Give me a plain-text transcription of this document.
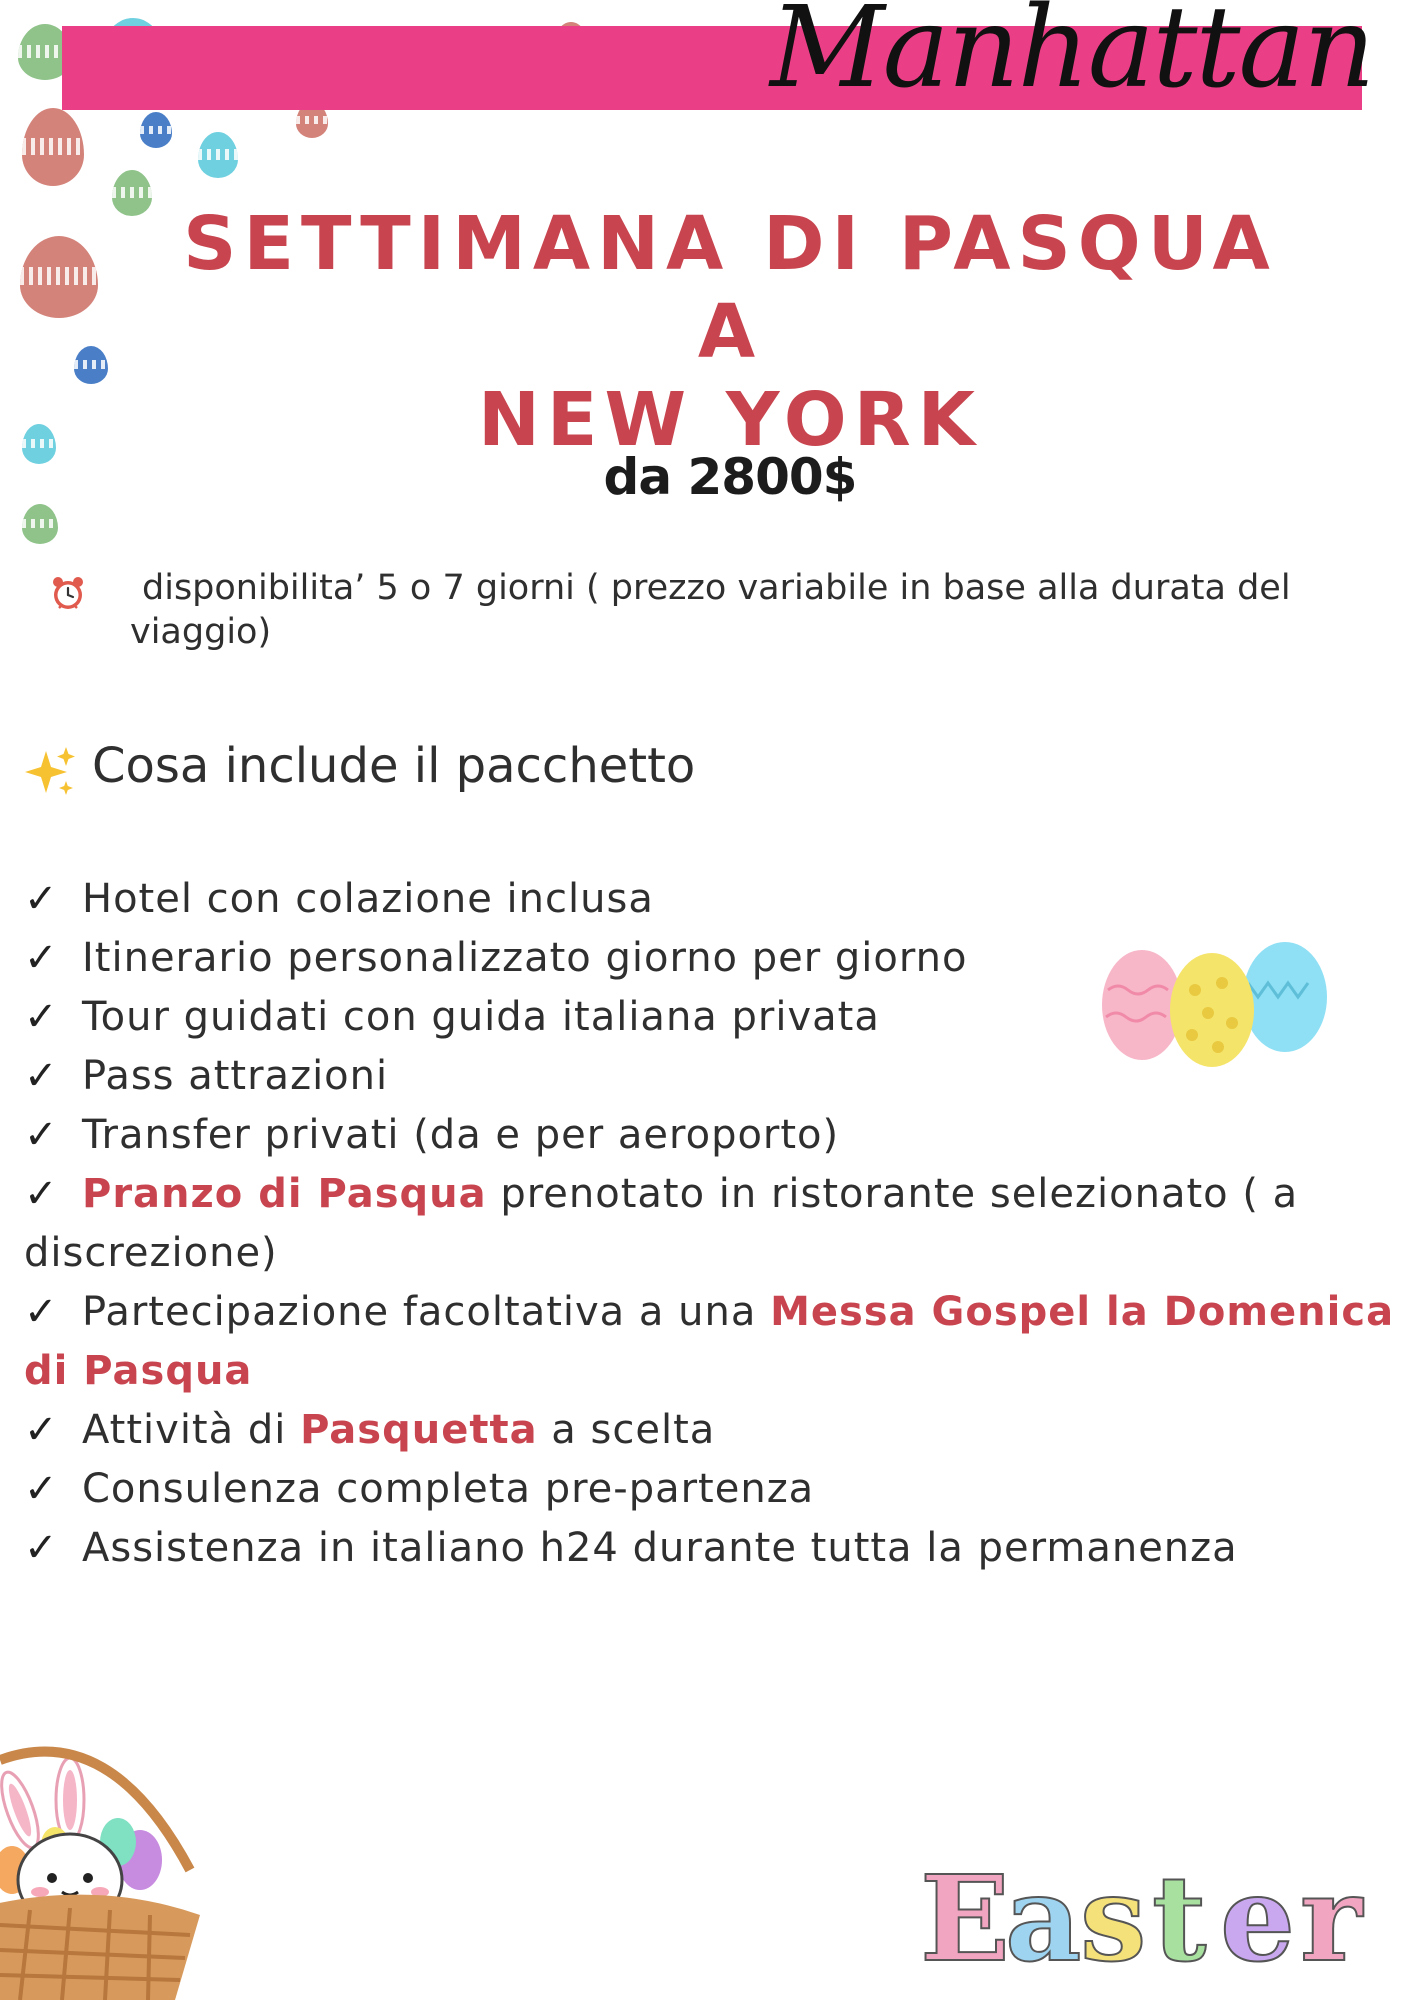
Manhattan
SETTIMANA DI PASQUA A
NEW YORK
da 2800$
disponibilita’ 5 o 7 giorni ( prezzo variabile in base alla durata del viaggio)
Cosa include il pacchetto
✓ Hotel con colazione inclusa
✓ Itinerario personalizzato giorno per giorno
✓ Tour guidati con guida italiana privata
✓ Pass attrazioni
✓ Transfer privati (da e per aeroporto)
✓ Pranzo di Pasqua prenotato in ristorante selezionato ( a discrezione)
✓ Partecipazione facoltativa a una Messa Gospel la Domenica di Pasqua
✓ Attività di Pasquetta a scelta
✓ Consulenza completa pre-partenza
✓ Assistenza in italiano h24 durante tutta la permanenza
E
a
s t e r
